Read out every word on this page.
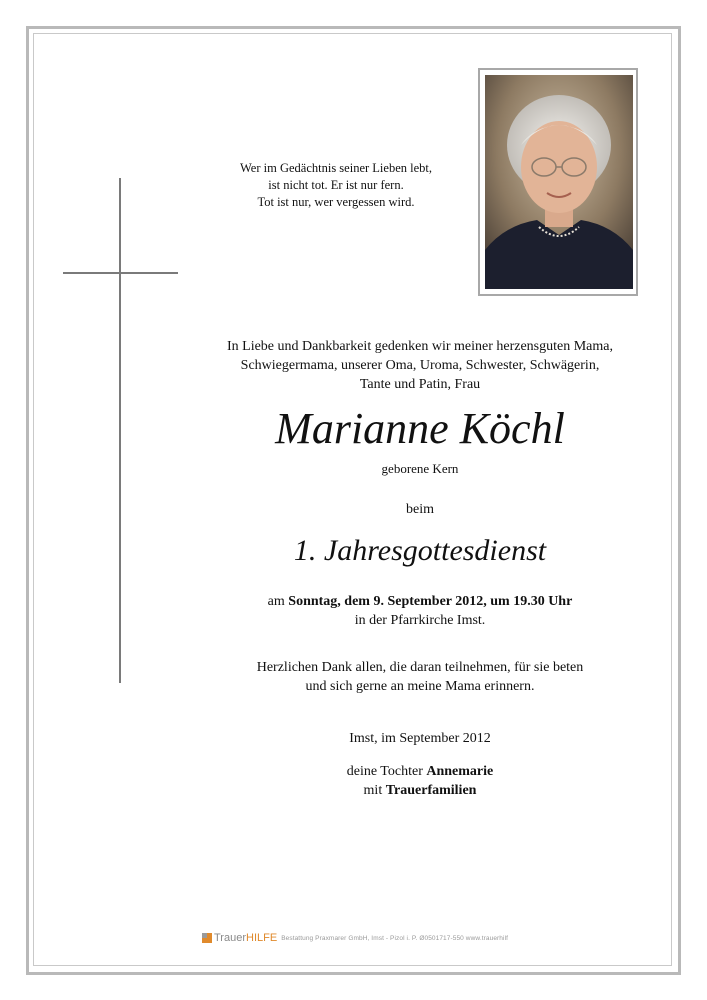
Wer im Gedächtnis seiner Lieben lebt,
ist nicht tot. Er ist nur fern.
Tot ist nur, wer vergessen wird.
In Liebe und Dankbarkeit gedenken wir meiner herzensguten Mama,
Schwiegermama, unserer Oma, Uroma, Schwester, Schwägerin,
Tante und Patin, Frau
Marianne Köchl
geborene Kern
beim
1. Jahresgottesdienst
am Sonntag, dem 9. September 2012, um 19.30 Uhr
in der Pfarrkirche Imst.
Herzlichen Dank allen, die daran teilnehmen, für sie beten
und sich gerne an meine Mama erinnern.
Imst, im September 2012
deine Tochter Annemarie
mit Trauerfamilien
TrauerHILFE Bestattung Praxmarer GmbH, Imst - Pizol i. P. Ø0501717-550 www.trauerhilf
